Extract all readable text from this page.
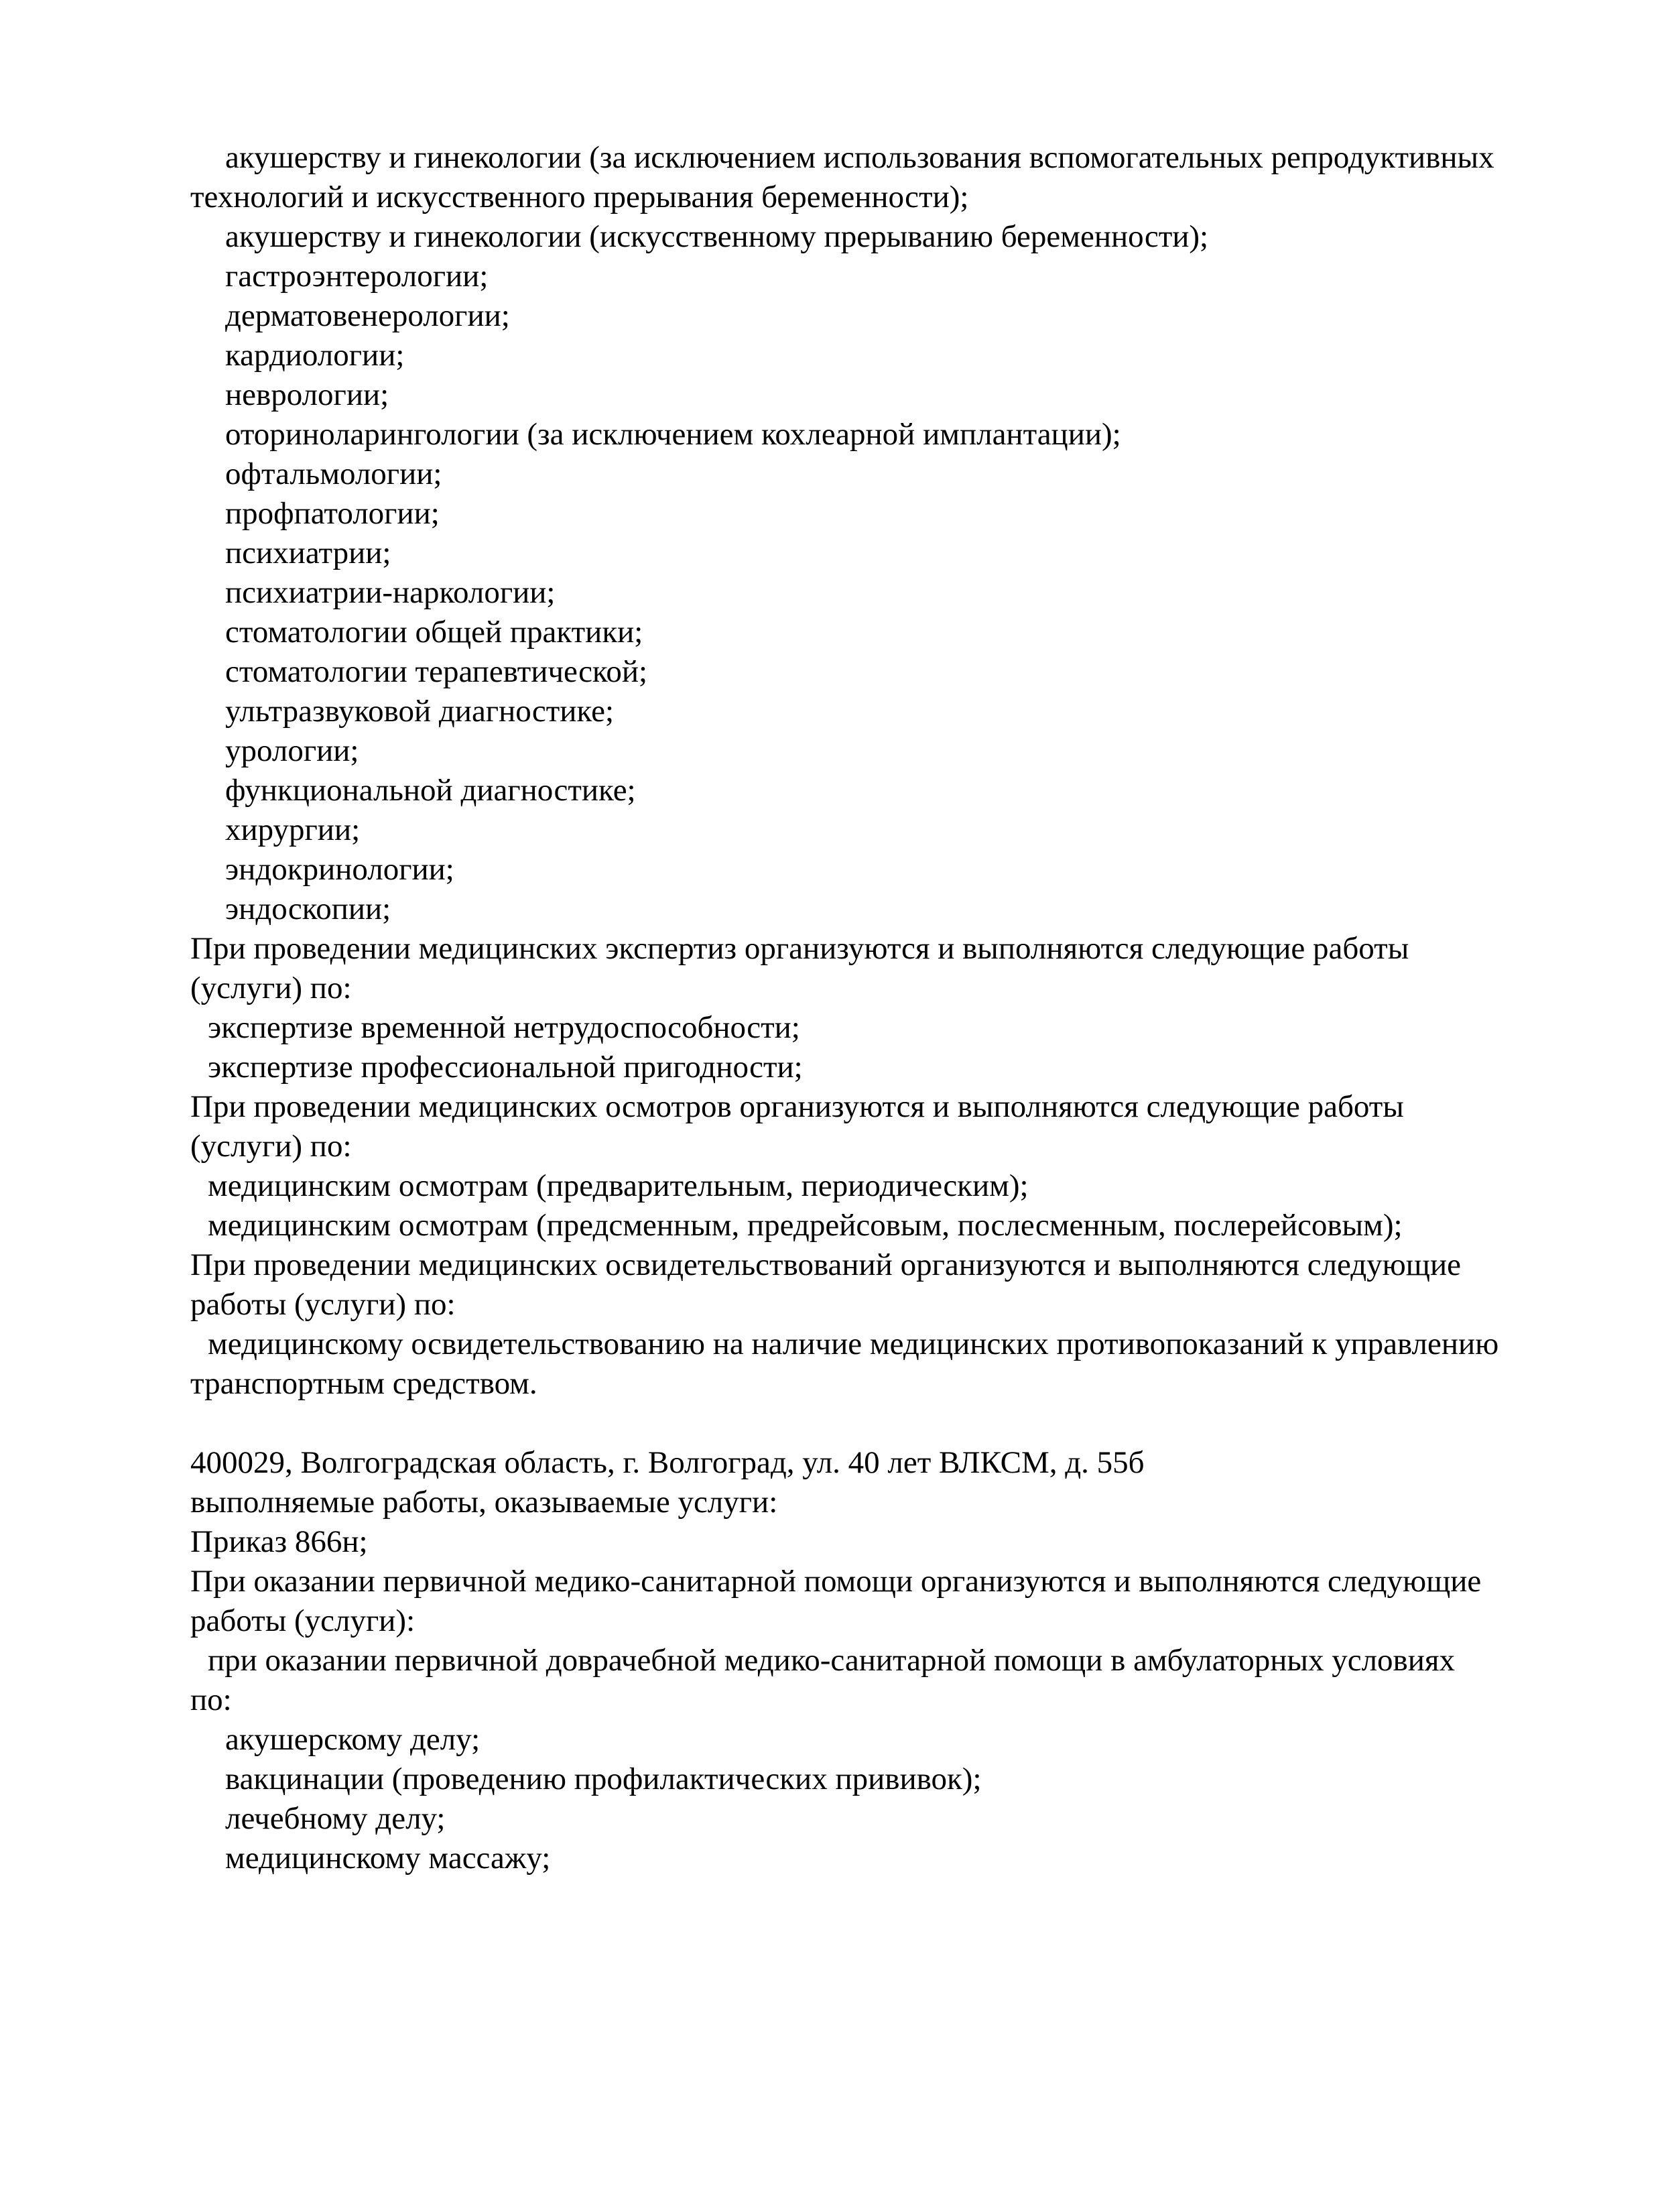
акушерству и гинекологии (за исключением использования вспомогательных репродуктивных
технологий и искусственного прерывания беременности);
акушерству и гинекологии (искусственному прерыванию беременности);
гастроэнтерологии;
дерматовенерологии;
кардиологии;
неврологии;
оториноларингологии (за исключением кохлеарной имплантации);
офтальмологии;
профпатологии;
психиатрии;
психиатрии-наркологии;
стоматологии общей практики;
стоматологии терапевтической;
ультразвуковой диагностике;
урологии;
функциональной диагностике;
хирургии;
эндокринологии;
эндоскопии;
При проведении медицинских экспертиз организуются и выполняются следующие работы
(услуги) по:
экспертизе временной нетрудоспособности;
экспертизе профессиональной пригодности;
При проведении медицинских осмотров организуются и выполняются следующие работы
(услуги) по:
медицинским осмотрам (предварительным, периодическим);
медицинским осмотрам (предсменным, предрейсовым, послесменным, послерейсовым);
При проведении медицинских освидетельствований организуются и выполняются следующие
работы (услуги) по:
медицинскому освидетельствованию на наличие медицинских противопоказаний к управлению
транспортным средством.
400029, Волгоградская область, г. Волгоград, ул. 40 лет ВЛКСМ, д. 55б
выполняемые работы, оказываемые услуги:
Приказ 866н;
При оказании первичной медико-санитарной помощи организуются и выполняются следующие
работы (услуги):
при оказании первичной доврачебной медико-санитарной помощи в амбулаторных условиях
по:
акушерскому делу;
вакцинации (проведению профилактических прививок);
лечебному делу;
медицинскому массажу;
